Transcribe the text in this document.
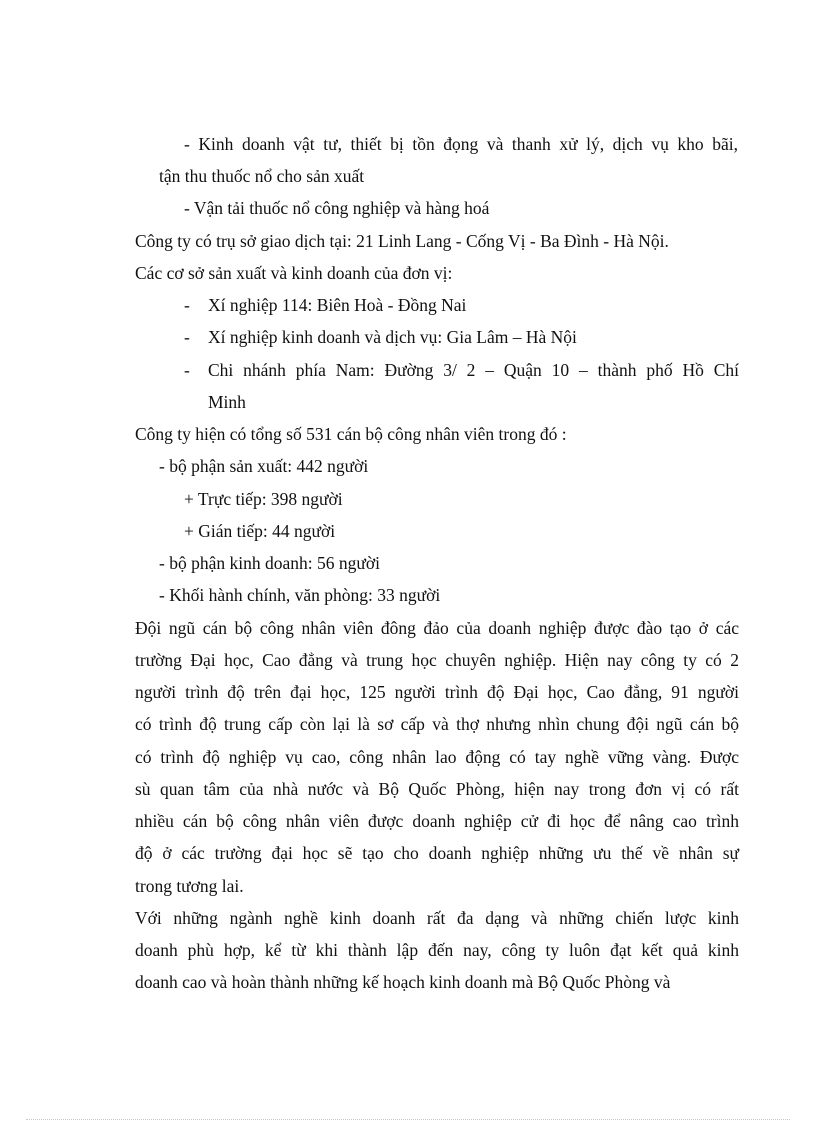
- Kinh doanh vật tư, thiết bị tồn đọng và thanh xử lý, dịch vụ kho bãi,
tận thu thuốc nổ cho sản xuất
- Vận tải thuốc nổ công nghiệp và hàng hoá
Công ty có trụ sở giao dịch tại: 21 Linh Lang - Cống Vị - Ba Đình - Hà Nội.
Các cơ sở sản xuất và kinh doanh của đơn vị:
- Xí nghiệp 114: Biên Hoà - Đồng Nai
- Xí nghiệp kinh doanh và dịch vụ: Gia Lâm – Hà Nội
- Chi nhánh phía Nam: Đường 3/ 2 – Quận 10 – thành phố Hồ Chí
Minh
Công ty hiện có tổng số 531 cán bộ công nhân viên trong đó :
- bộ phận sản xuất: 442 người
+ Trực tiếp: 398 người
+ Gián tiếp: 44 người
- bộ phận kinh doanh: 56 người
- Khối hành chính, văn phòng: 33 người
Đội ngũ cán bộ công nhân viên đông đảo của doanh nghiệp được đào tạo ở các
trường Đại học, Cao đẳng và trung học chuyên nghiệp. Hiện nay công ty có 2
người trình độ trên đại học, 125 người trình độ Đại học, Cao đẳng, 91 người
có trình độ trung cấp còn lại là sơ cấp và thợ nhưng nhìn chung đội ngũ cán bộ
có trình độ nghiệp vụ cao, công nhân lao động có tay nghề vững vàng. Được
sù quan tâm của nhà nước và Bộ Quốc Phòng, hiện nay trong đơn vị có rất
nhiều cán bộ công nhân viên được doanh nghiệp cử đi học để nâng cao trình
độ ở các trường đại học sẽ tạo cho doanh nghiệp những ưu thế về nhân sự
trong tương lai.
Với những ngành nghề kinh doanh rất đa dạng và những chiến lược kinh
doanh phù hợp, kể từ khi thành lập đến nay, công ty luôn đạt kết quả kinh
doanh cao và hoàn thành những kế hoạch kinh doanh mà Bộ Quốc Phòng và
